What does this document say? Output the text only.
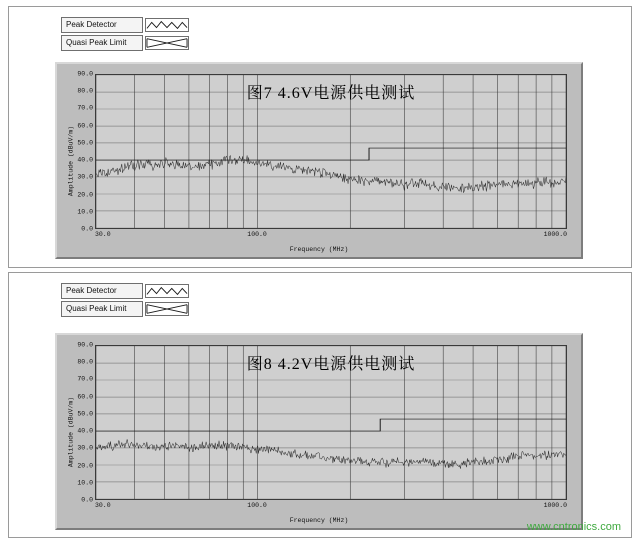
Peak Detector
Quasi Peak Limit
Amplitude (dBuV/m)
0.0
10.0
20.0
30.0
40.0
50.0
60.0
70.0
80.0
90.0
图7 4.6V电源供电测试
30.0	100.0	1000.0
Frequency (MHz)
Peak Detector
Quasi Peak Limit
Amplitude (dBuV/m)
0.0
10.0
20.0
30.0
40.0
50.0
60.0
70.0
80.0
90.0
图8 4.2V电源供电测试
30.0	100.0	1000.0
Frequency (MHz)
www.cntronics.com
